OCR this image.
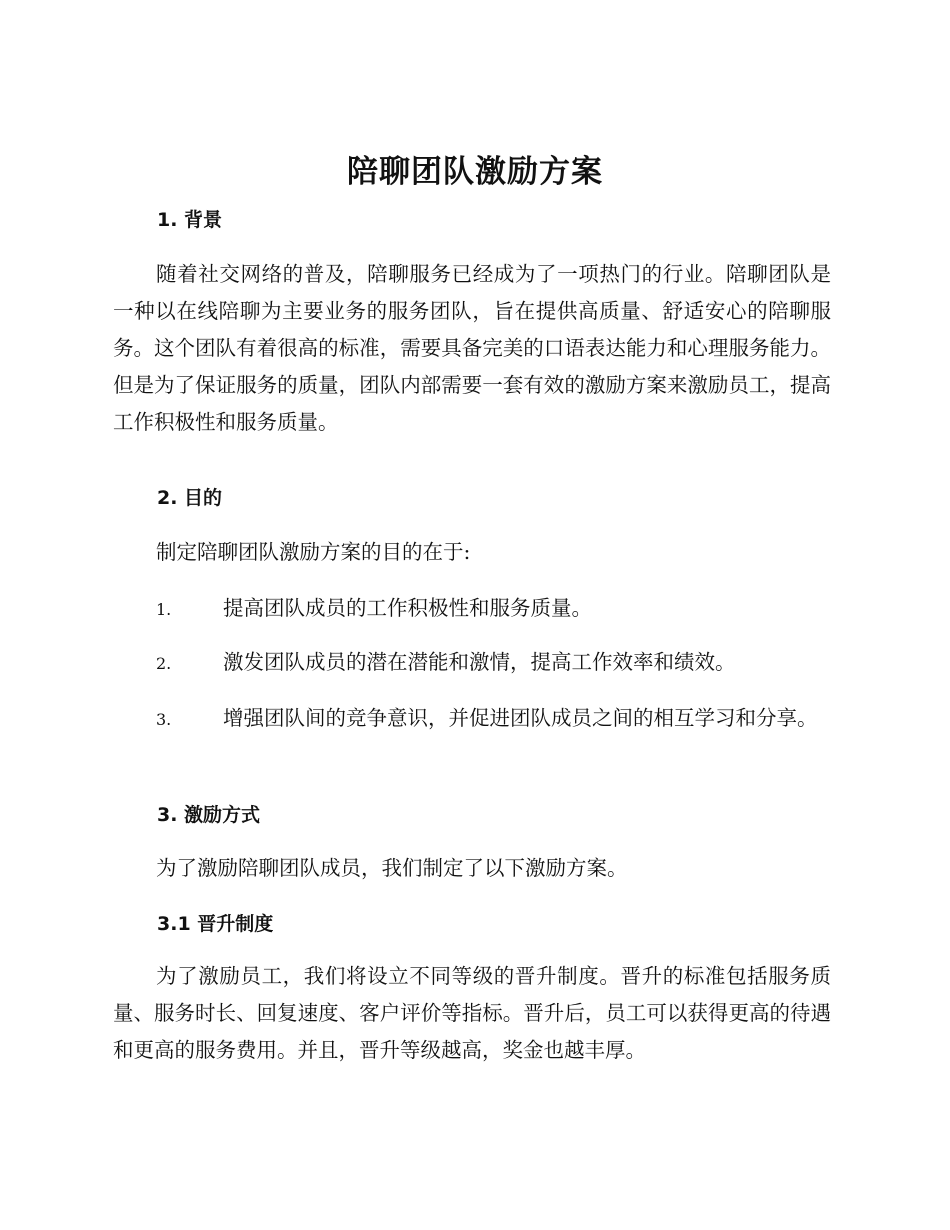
陪聊团队激励方案
1. 背景

随着社交网络的普及，陪聊服务已经成为了一项热门的行业。陪聊团队是一种以在线陪聊为主要业务的服务团队，旨在提供高质量、舒适安心的陪聊服务。这个团队有着很高的标准，需要具备完美的口语表达能力和心理服务能力。但是为了保证服务的质量，团队内部需要一套有效的激励方案来激励员工，提高工作积极性和服务质量。

2. 目的

制定陪聊团队激励方案的目的在于:

1.	提高团队成员的工作积极性和服务质量。

2.	激发团队成员的潜在潜能和激情，提高工作效率和绩效。

3.	增强团队间的竞争意识，并促进团队成员之间的相互学习和分享。

3. 激励方式

为了激励陪聊团队成员，我们制定了以下激励方案。

3.1 晋升制度

为了激励员工，我们将设立不同等级的晋升制度。晋升的标准包括服务质量、服务时长、回复速度、客户评价等指标。晋升后，员工可以获得更高的待遇和更高的服务费用。并且，晋升等级越高，奖金也越丰厚。
